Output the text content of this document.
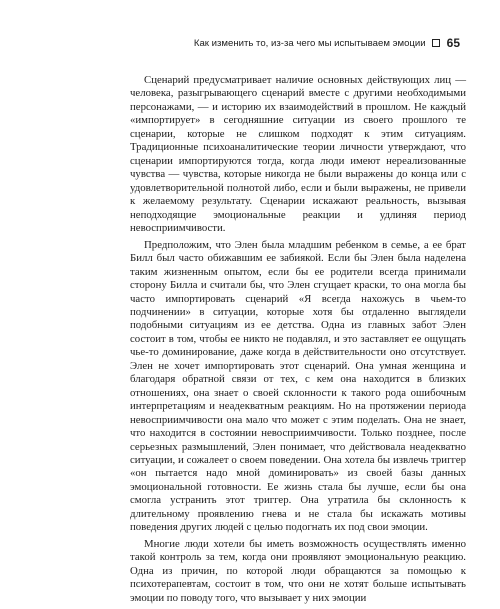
Как изменить то, из-за чего мы испытываем эмоции 65

Сценарий предусматривает наличие основных действующих лиц — человека, разыгрывающего сценарий вместе с другими необходимыми персонажами, — и историю их взаимодействий в прошлом. Не каждый «импортирует» в сегодняшние ситуации из своего прошлого те сценарии, которые не слишком подходят к этим ситуациям. Традиционные психоаналитические теории личности утверждают, что сценарии импортируются тогда, когда люди имеют нереализованные чувства — чувства, которые никогда не были выражены до конца или с удовлетворительной полнотой либо, если и были выражены, не привели к желаемому результату. Сценарии искажают реальность, вызывая неподходящие эмоциональные реакции и удлиняя период невосприимчивости.

Предположим, что Элен была младшим ребенком в семье, а ее брат Билл был часто обижавшим ее забиякой. Если бы Элен была наделена таким жизненным опытом, если бы ее родители всегда принимали сторону Билла и считали бы, что Элен сгущает краски, то она могла бы часто импортировать сценарий «Я всегда нахожусь в чьем-то подчинении» в ситуации, которые хотя бы отдаленно выглядели подобными ситуациям из ее детства. Одна из главных забот Элен состоит в том, чтобы ее никто не подавлял, и это заставляет ее ощущать чье-то доминирование, даже когда в действительности оно отсутствует. Элен не хочет импортировать этот сценарий. Она умная женщина и благодаря обратной связи от тех, с кем она находится в близких отношениях, она знает о своей склонности к такого рода ошибочным интерпретациям и неадекватным реакциям. Но на протяжении периода невосприимчивости она мало что может с этим поделать. Она не знает, что находится в состоянии невосприимчивости. Только позднее, после серьезных размышлений, Элен понимает, что действовала неадекватно ситуации, и сожалеет о своем поведении. Она хотела бы извлечь триггер «он пытается надо мной доминировать» из своей базы данных эмоциональной готовности. Ее жизнь стала бы лучше, если бы она смогла устранить этот триггер. Она утратила бы склонность к длительному проявлению гнева и не стала бы искажать мотивы поведения других людей с целью подогнать их под свои эмоции.

Многие люди хотели бы иметь возможность осуществлять именно такой контроль за тем, когда они проявляют эмоциональную реакцию. Одна из причин, по которой люди обращаются за помощью к психотерапевтам, состоит в том, что они не хотят больше испытывать эмоции по поводу того, что вызывает у них эмоции
